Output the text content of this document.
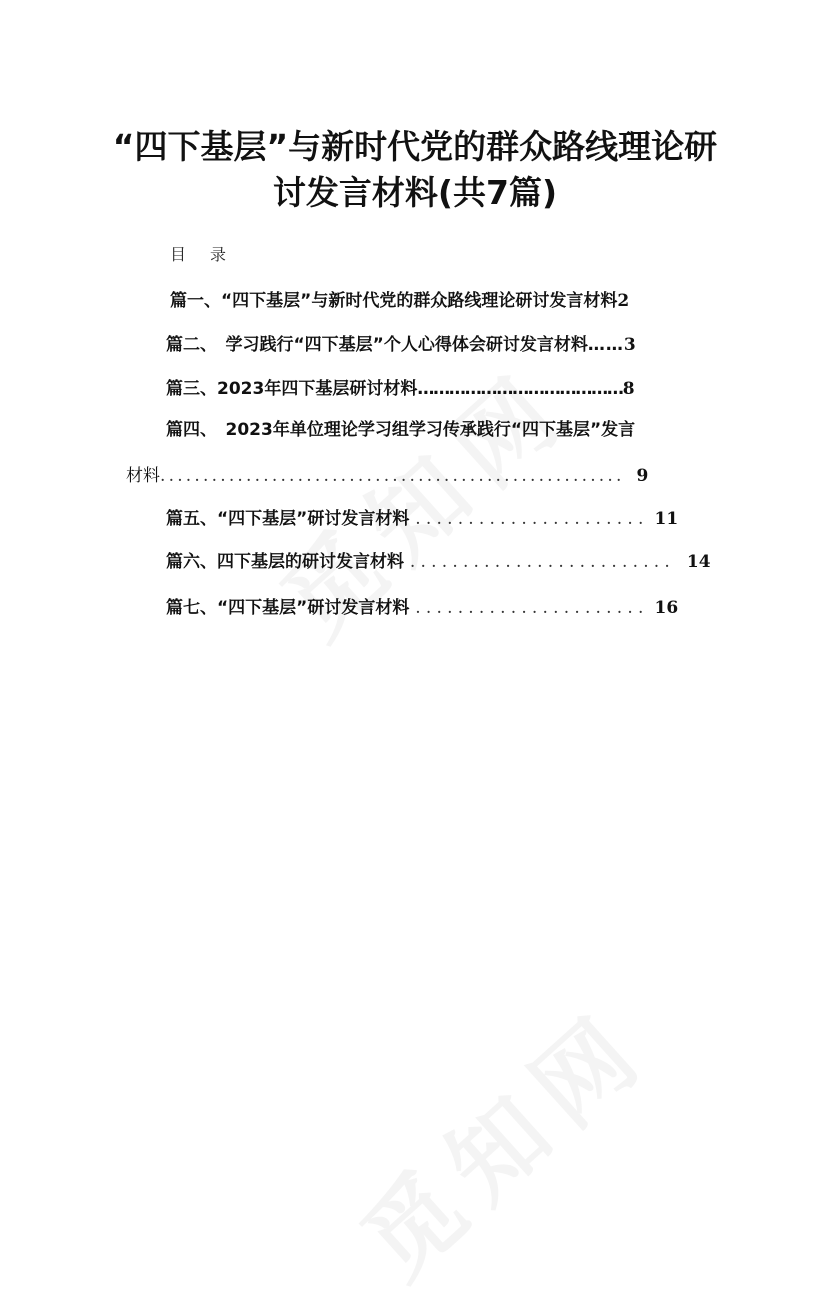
“四下基层”与新时代党的群众路线理论研
讨发言材料(共7篇)
目录
篇一、“四下基层”与新时代党的群众路线理论研讨发言材料2
篇二、　学习践行“四下基层”个人心得体会研讨发言材料……3
篇三、2023年四下基层研讨材料…………………………………8
篇四、　2023年单位理论学习组学习传承践行“四下基层”发言
材料...................................................... 9
篇五、“四下基层”研讨发言材料 ...................... 11
篇六、四下基层的研讨发言材料 ......................... 14
篇七、“四下基层”研讨发言材料 ...................... 16
